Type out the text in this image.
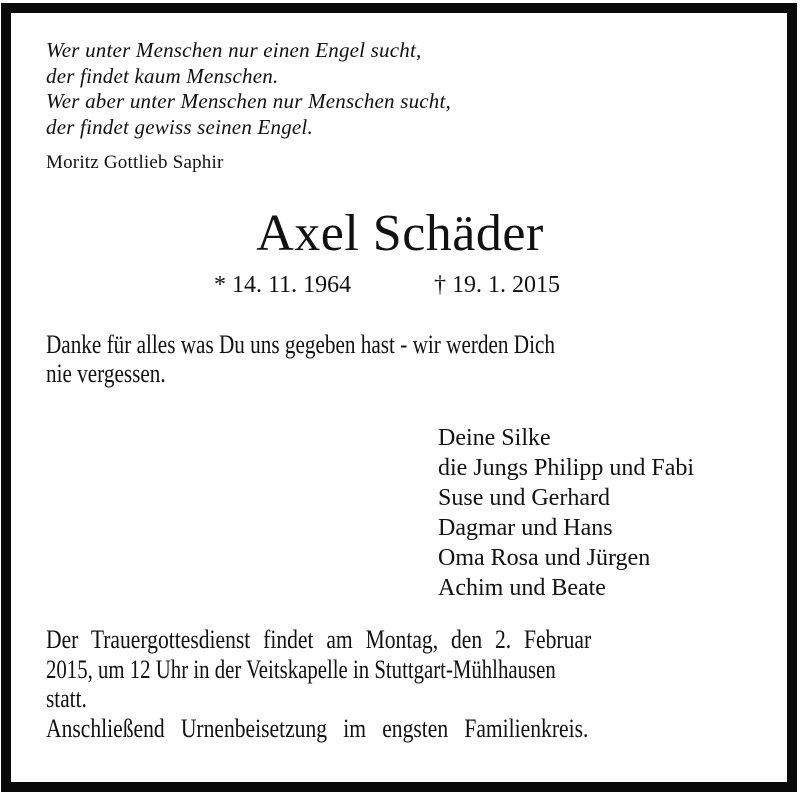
Wer unter Menschen nur einen Engel sucht,
der findet kaum Menschen.
Wer aber unter Menschen nur Menschen sucht,
der findet gewiss seinen Engel.
Moritz Gottlieb Saphir
Axel Schäder
* 14. 11. 1964	† 19. 1. 2015
Danke für alles was Du uns gegeben hast - wir werden Dich nie vergessen.
Deine Silke
die Jungs Philipp und Fabi
Suse und Gerhard
Dagmar und Hans
Oma Rosa und Jürgen
Achim und Beate
Der Trauergottesdienst findet am Montag, den 2. Februar
2015, um 12 Uhr in der Veitskapelle in Stuttgart-Mühlhausen
statt.
Anschließend Urnenbeisetzung im engsten Familienkreis.
